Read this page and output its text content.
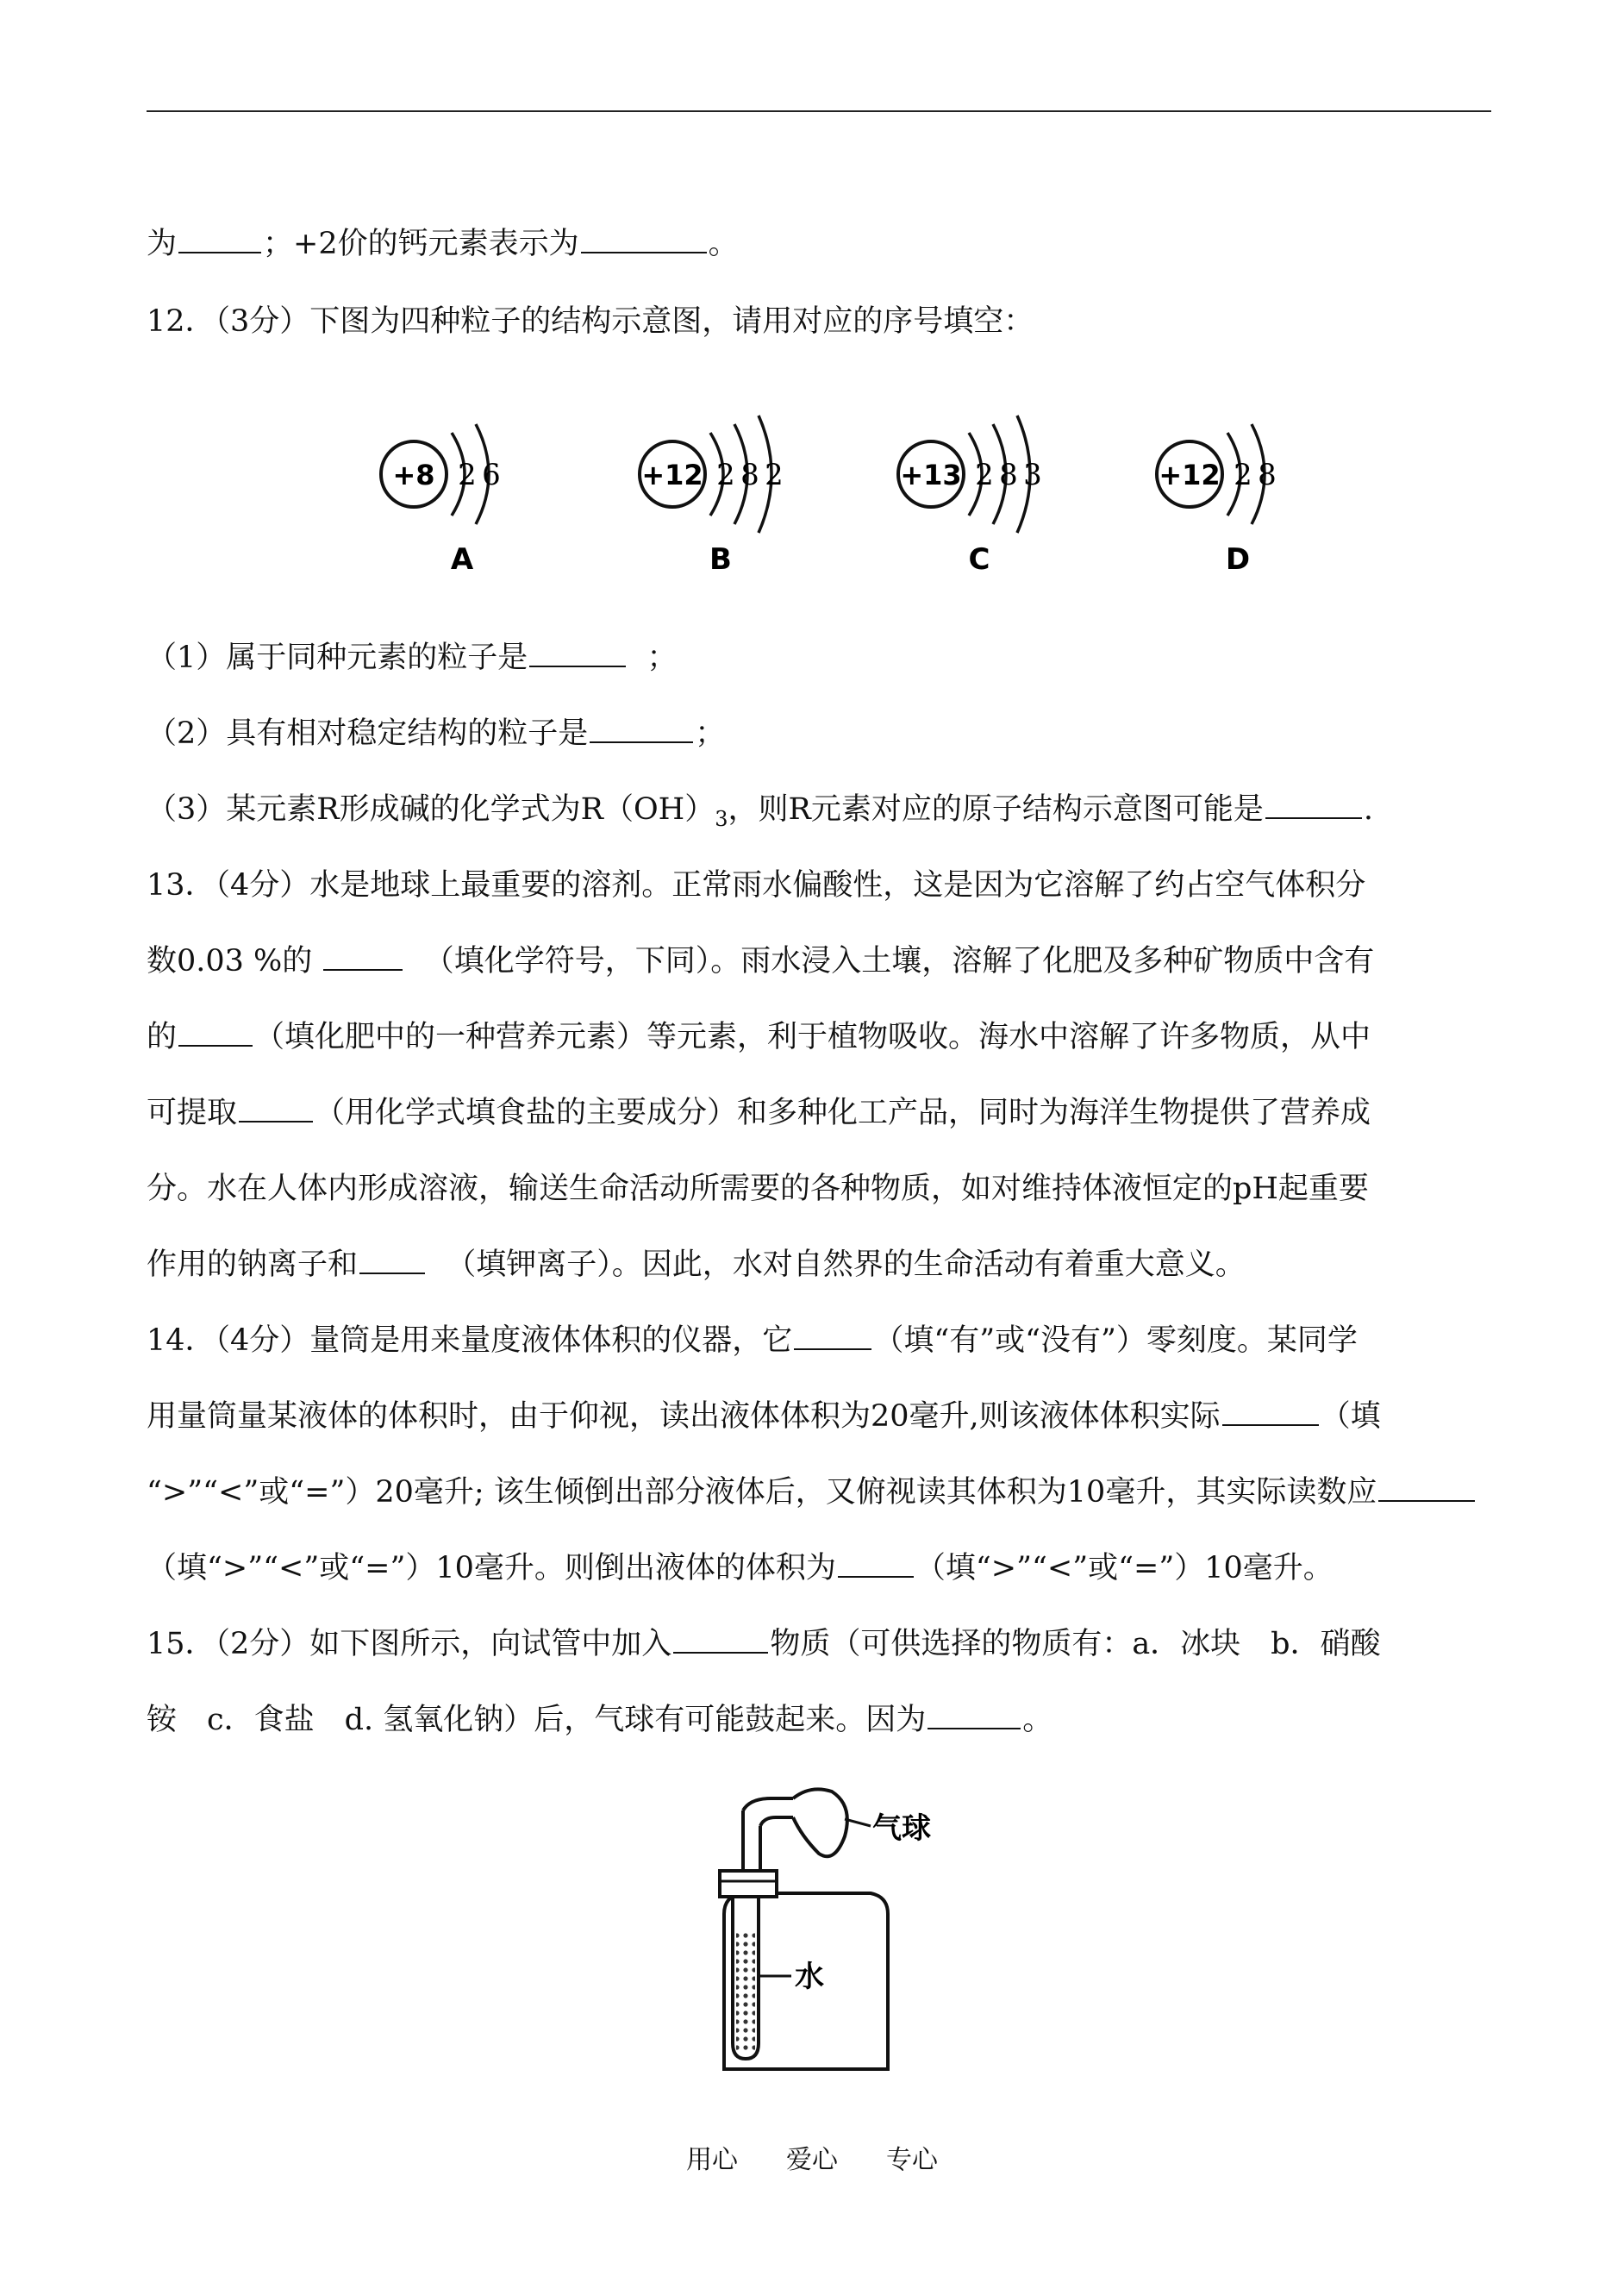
为	；+2价的钙元素表示为	。
12．（3分）下图为四种粒子的结构示意图，请用对应的序号填空：
+8 2 6
A
+12 2 8 2
B
+13 2 8 3
C
+12 2 8
D
（1）属于同种元素的粒子是	；
（2）具有相对稳定结构的粒子是	；
（3）某元素R形成碱的化学式为$R(OH)_3$，则R元素对应的原子结构示意图可能是	.
13．（4分）水是地球上最重要的溶剂。正常雨水偏酸性，这是因为它溶解了约占空气体积分
数0.03 %的	（填化学符号，下同）。雨水浸入土壤，溶解了化肥及多种矿物质中含有
的	（填化肥中的一种营养元素）等元素，利于植物吸收。海水中溶解了许多物质，从中
可提取	（用化学式填食盐的主要成分）和多种化工产品，同时为海洋生物提供了营养成
分。水在人体内形成溶液，输送生命活动所需要的各种物质，如对维持体液恒定的pH起重要
作用的钠离子和	（填钾离子）。因此，水对自然界的生命活动有着重大意义。
14．（4分）量筒是用来量度液体体积的仪器，它	（填“有”或“没有”）零刻度。某同学
用量筒量某液体的体积时，由于仰视，读出液体体积为20毫升,则该液体体积实际	（填
“>”“<”或“=”）20毫升; 该生倾倒出部分液体后，又俯视读其体积为10毫升，其实际读数应
（填“>”“<”或“=”）10毫升。则倒出液体的体积为	（填“>”“<”或“=”）10毫升。
15．（2分）如下图所示，向试管中加入	物质（可供选择的物质有：a．冰块　b．硝酸
铵　c．食盐　d. 氢氧化钠）后，气球有可能鼓起来。因为	。
气球
水
用心 爱心 专心
